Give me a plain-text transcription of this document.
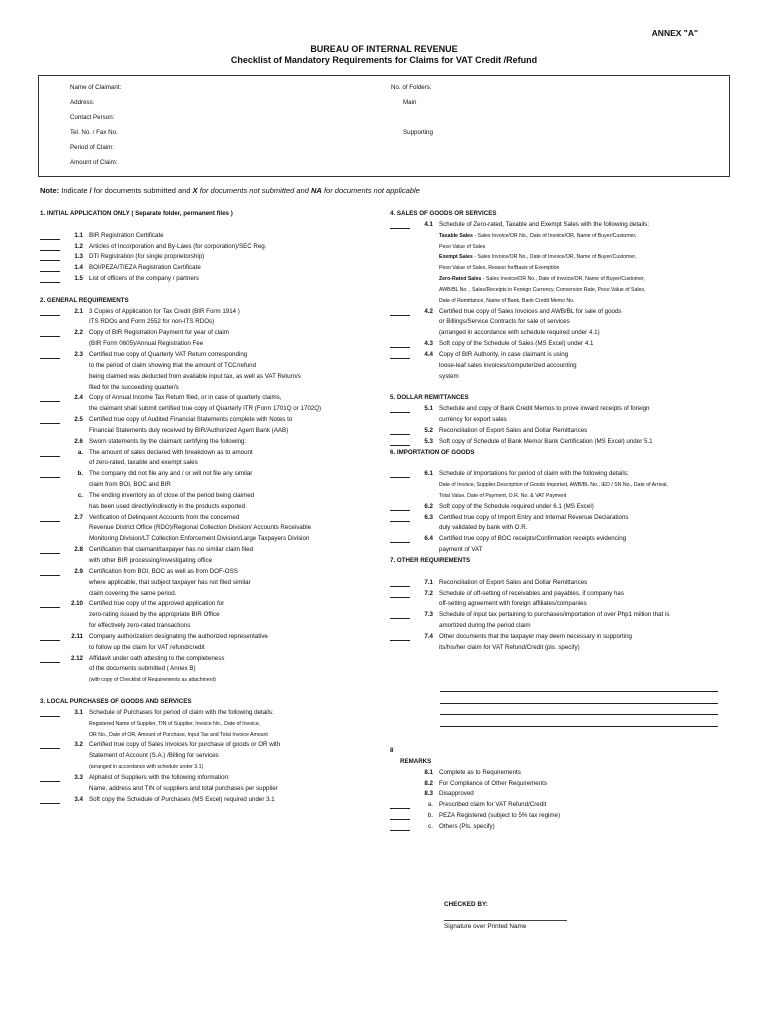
ANNEX "A"
BUREAU OF INTERNAL REVENUE
Checklist of Mandatory Requirements for Claims for VAT Credit /Refund
Name of Claimant:
Address:
Contact Person:
Tel. No. / Fax No.
Period of Claim:
Amount of Claim:
No. of Folders:
Main
Supporting
Note: Indicate / for documents submitted and X for documents not submitted and NA for documents not applicable
1. INITIAL APPLICATION ONLY ( Separate folder, permanent files )
1.1 BIR Registration Certificate
1.2 Articles of Incorporation and By-Laws (for corporation)/SEC Reg.
1.3 DTI Registration (for single proprietorship)
1.4 BOI/PEZA/TIEZA Registration Certificate
1.5 List of officers of the company / partners
2. GENERAL REQUIREMENTS
2.1 3 Copies of Application for Tax Credit (BIR Form 1914 )
ITS RDOs and Form 2552 for non-ITS RDOs)
2.2 Copy of BIR Registration Payment for year of claim
(BIR Form 0605)/Annual Registration Fee
2.3 Certified true copy of Quarterly VAT Return corresponding
to the period of claim showing that the amount of TCC/refund
being claimed was deducted from available input tax, as well as VAT Return/s
filed for the succeeding quarter/s
2.4 Copy of Annual Income Tax Return filed, or in case of quarterly claims,
the claimant shall submit certified true copy of Quarterly ITR (Form 1701Q or 1702Q)
2.5 Certified true copy of Audited Financial Statements complete with Notes to
Financial Statements duly received by BIR/Authorized Agent Bank (AAB)
2.6 Sworn statements by the claimant certifying the following:
a. The amount of sales declared with breakdown as to amount
of zero-rated, taxable and exempt sales
b. The company did not file any and / or will not file any similar
claim from BOI, BOC and BIR
c. The ending inventory as of close of the period being claimed
has been used directly/indirectly in the products exported
2.7 Verification of Delinquent Accounts from the concerned
Revenue District Office (RDO)/Regional Collection Division/ Accounts Receivable
Monitoring Division/LT Collection Enforcement Division/Large Taxpayers Division
2.8 Certification that claimant/taxpayer has no similar claim filed
with other BIR processing/investigating office
2.9 Certification from BOI, BOC as well as from DOF-OSS
where applicable, that subject taxpayer has not filed similar
claim covering the same period.
2.10 Certified true copy of the approved application for
zero-rating issued by the appropriate BIR Office
for effectively zero-rated transactions
2.11 Company authorization designating the authorized representative
to follow up the claim for VAT refund/credit
2.12 Affidavit under oath attesting to the completeness
of the documents submitted ( Annex B)
(with copy of Checklist of Requirements as attachment)
3. LOCAL PURCHASES OF GOODS AND SERVICES
3.1 Schedule of Purchases for period of claim with the following details:
Registered Name of Supplier, TIN of Supplier, Invoice No., Date of Invoice,
OR No., Date of OR, Amount of Purchase, Input Tax and Total Invoice Amount
3.2 Certified true copy of Sales Invoices for purchase of goods or OR with
Statement of Account (S.A.) /Billing for services
(arranged in accordance with schedule under 3.1)
3.3 Alphalist of Suppliers with the following information:
Name, address and TIN of suppliers and total purchases per supplier
3.4 Soft copy the Schedule of Purchases (MS Excel) required under 3.1
4. SALES OF GOODS OR SERVICES
4.1 Schedule of Zero-rated, Taxable and Exempt Sales with the following details:
Taxable Sales - Sales Invoice/OR No., Date of Invoice/OR, Name of Buyer/Customer,
Peso Value of Sales
Exempt Sales - Sales Invoice/OR No., Date of Invoice/OR, Name of Buyer/Customer,
Peso Value of Sales, Reason for/Basis of Exemption
Zero-Rated Sales - Sales Invoice/OR No., Date of Invoice/OR, Name of Buyer/Customer,
AWB/BL No. , Sales/Receipts in Foreign Currency, Conversion Rate, Peso Value of Sales,
Date of Remittance, Name of Bank, Bank Credit Memo No.
4.2 Certified true copy of Sales Invoices and AWB/BL for sale of goods
or Billings/Service Contracts for sale of services
(arranged in accordance with schedule required under 4.1)
4.3 Soft copy of the Schedule of Sales (MS Excel) under 4.1
4.4 Copy of BIR Authority, in case claimant is using
loose-leaf sales invoices/computerized accounting
system
5. DOLLAR REMITTANCES
5.1 Schedule and copy of Bank Credit Memos to prove inward receipts of foreign
currency for export sales
5.2 Reconciliation of Export Sales and Dollar Remittances
5.3 Soft copy of Schedule of Bank Memo/ Bank Certification (MS Excel) under 5.1
6. IMPORTATION OF GOODS
6.1 Schedule of Importations for period of claim with the following details:
Date of Invoice, Supplier,Description of Goods Imported, AWB/BL No., IED / SN No., Date of Arrival,
Total Value, Date of Payment, O.R. No. & VAT Payment
6.2 Soft copy of the Schedule required under 6.1 (MS Excel)
6.3 Certified true copy of Import Entry and Internal Revenue Declarations
duly validated by bank with O.R.
6.4 Certified true copy of BOC receipts/Confirmation receipts evidencing
payment of VAT
7. OTHER REQUIREMENTS
7.1 Reconciliation of Export Sales and Dollar Remittances
7.2 Schedule of off-setting of receivables and payables, if company has
off-setting agreement with foreign affiliates/companies
7.3 Schedule of input tax pertaining to purchases/importation of over Php1 million that is
amortized during the period claim
7.4 Other documents that the taxpayer may deem necessary in supporting
its/his/her claim for VAT Refund/Credit (pls. specify)
8
REMARKS
8.1 Complete as to Requirements
8.2 For Compliance of Other Requirements
8.3 Disapproved
a. Prescribed claim for VAT Refund/Credit
b. PEZA Registered (subject to 5% tax regime)
c. Others (Pls. specify)
CHECKED BY:
Signature over Printed Name
